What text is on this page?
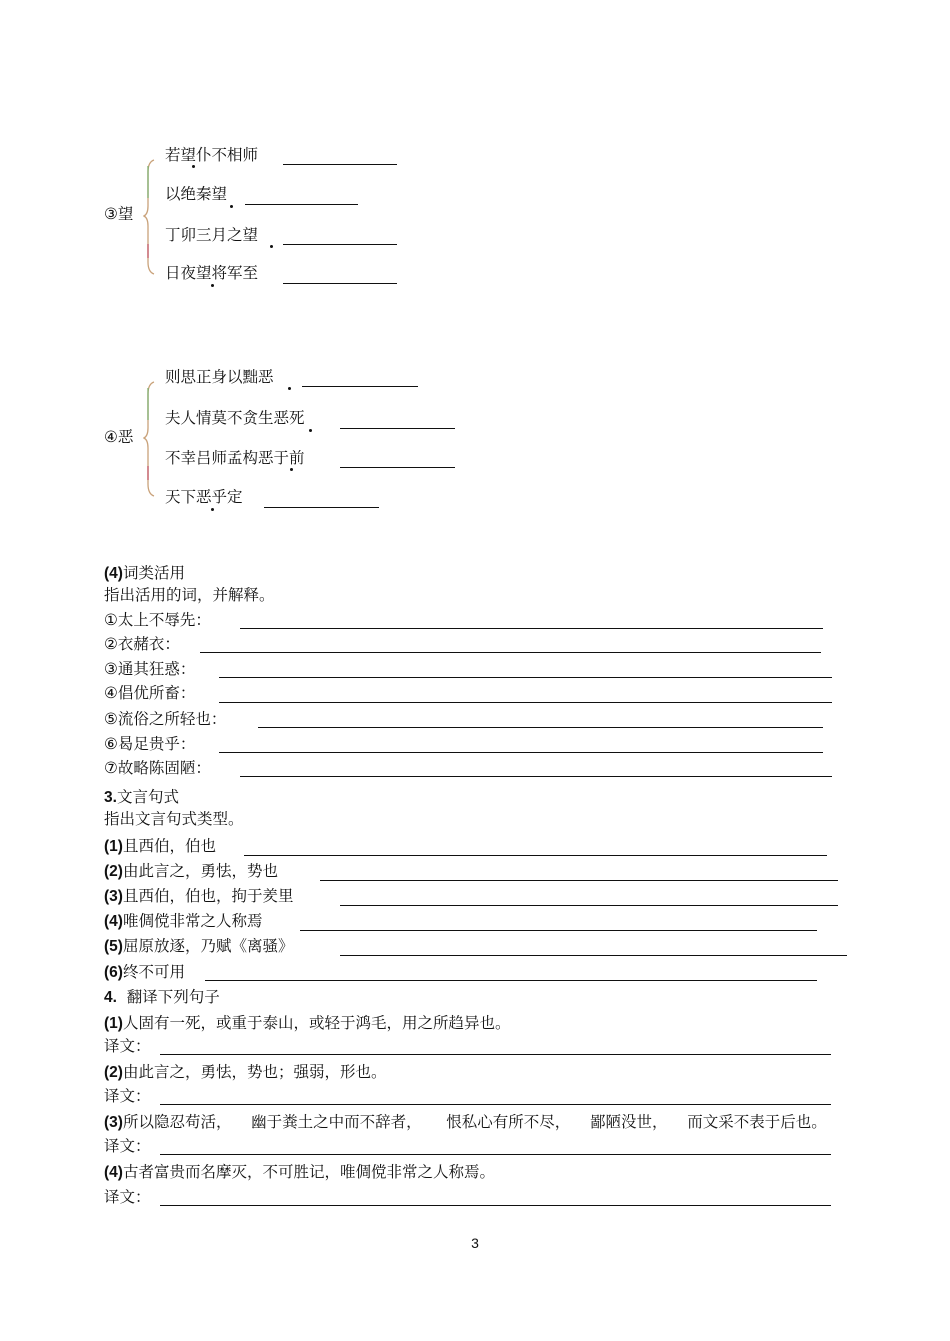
③望
若望仆不相师
以绝秦望
丁卯三月之望
日夜望将军至
④恶
则思正身以黜恶
夫人情莫不贪生恶死
不幸吕师孟构恶于前
天下恶乎定
(4)词类活用
指出活用的词，并解释。
①太上不辱先：
②衣赭衣：
③通其狂惑：
④倡优所畜：
⑤流俗之所轻也：
⑥曷足贵乎：
⑦故略陈固陋：
3.文言句式
指出文言句式类型。
(1)且西伯，伯也
(2)由此言之，勇怯，势也
(3)且西伯，伯也，拘于羑里
(4)唯倜傥非常之人称焉
(5)屈原放逐，乃赋《离骚》
(6)终不可用
4. 翻译下列句子
(1)人固有一死，或重于泰山，或轻于鸿毛，用之所趋异也。
译文：
(2)由此言之，勇怯，势也；强弱，形也。
译文：
(3)所以隐忍苟活，    幽于粪土之中而不辞者，     恨私心有所不尽，    鄙陋没世，    而文采不表于后也。
译文：
(4)古者富贵而名摩灭，不可胜记，唯倜傥非常之人称焉。
译文：
3
